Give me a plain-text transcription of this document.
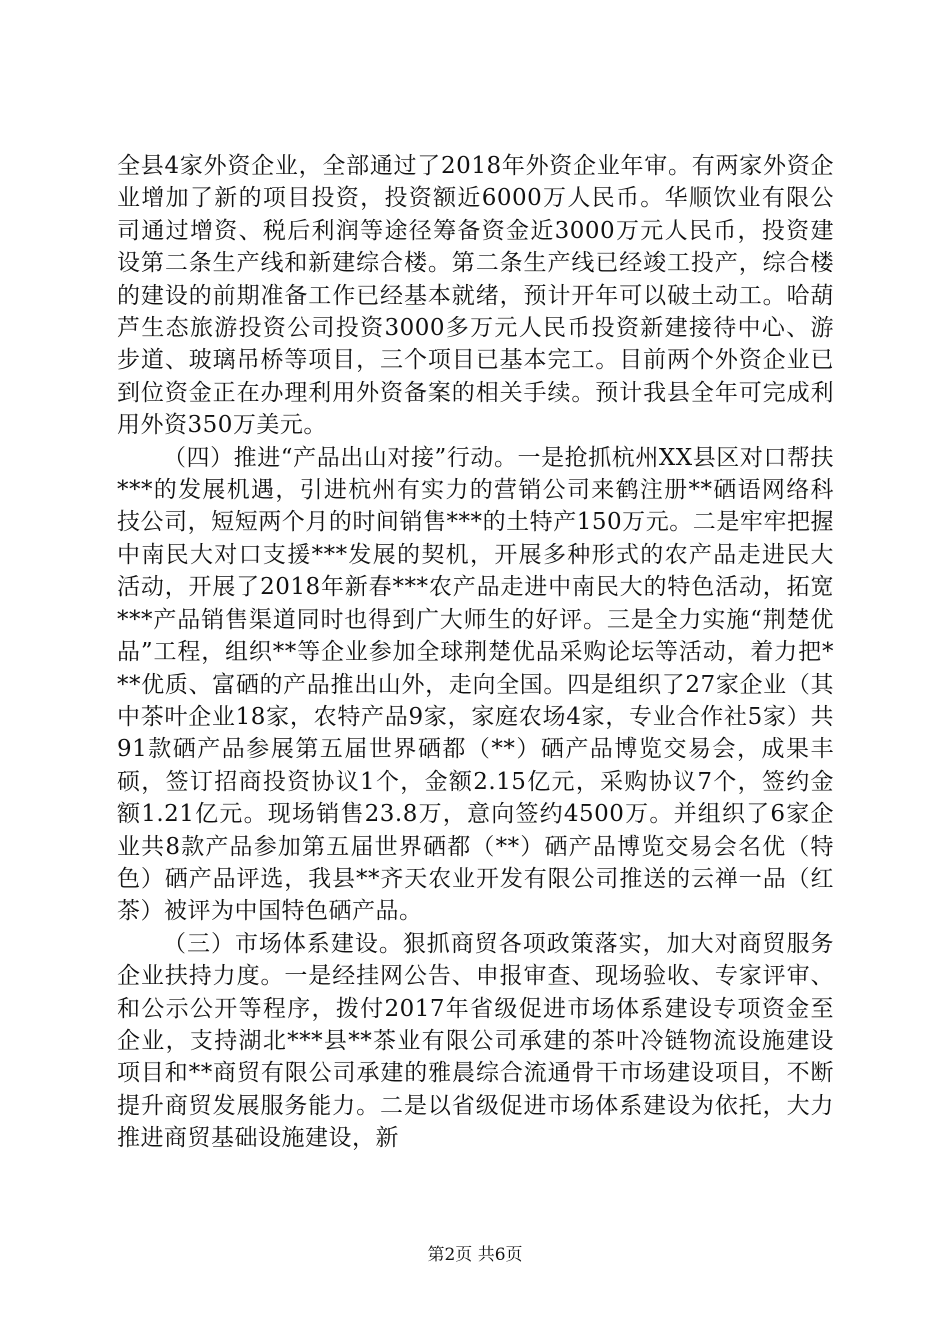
全县4家外资企业，全部通过了2018年外资企业年审。有两家外资企业增加了新的项目投资，投资额近6000万人民币。华顺饮业有限公司通过增资、税后利润等途径筹备资金近3000万元人民币，投资建设第二条生产线和新建综合楼。第二条生产线已经竣工投产，综合楼的建设的前期准备工作已经基本就绪，预计开年可以破土动工。哈葫芦生态旅游投资公司投资3000多万元人民币投资新建接待中心、游步道、玻璃吊桥等项目，三个项目已基本完工。目前两个外资企业已到位资金正在办理利用外资备案的相关手续。预计我县全年可完成利用外资350万美元。

（四）推进“产品出山对接”行动。一是抢抓杭州XX县区对口帮扶***的发展机遇，引进杭州有实力的营销公司来鹤注册**硒语网络科技公司，短短两个月的时间销售***的土特产150万元。二是牢牢把握中南民大对口支援***发展的契机，开展多种形式的农产品走进民大活动，开展了2018年新春***农产品走进中南民大的特色活动，拓宽***产品销售渠道同时也得到广大师生的好评。三是全力实施“荆楚优品”工程，组织**等企业参加全球荆楚优品采购论坛等活动，着力把***优质、富硒的产品推出山外，走向全国。四是组织了27家企业（其中茶叶企业18家，农特产品9家，家庭农场4家，专业合作社5家）共91款硒产品参展第五届世界硒都（**）硒产品博览交易会，成果丰硕，签订招商投资协议1个，金额2.15亿元，采购协议7个，签约金额1.21亿元。现场销售23.8万，意向签约4500万。并组织了6家企业共8款产品参加第五届世界硒都（**）硒产品博览交易会名优（特色）硒产品评选，我县**齐天农业开发有限公司推送的云禅一品（红茶）被评为中国特色硒产品。

（三）市场体系建设。狠抓商贸各项政策落实，加大对商贸服务企业扶持力度。一是经挂网公告、申报审查、现场验收、专家评审、和公示公开等程序，拨付2017年省级促进市场体系建设专项资金至企业，支持湖北***县**茶业有限公司承建的茶叶冷链物流设施建设项目和**商贸有限公司承建的雅晨综合流通骨干市场建设项目，不断提升商贸发展服务能力。二是以省级促进市场体系建设为依托，大力推进商贸基础设施建设，新

第2页 共6页
